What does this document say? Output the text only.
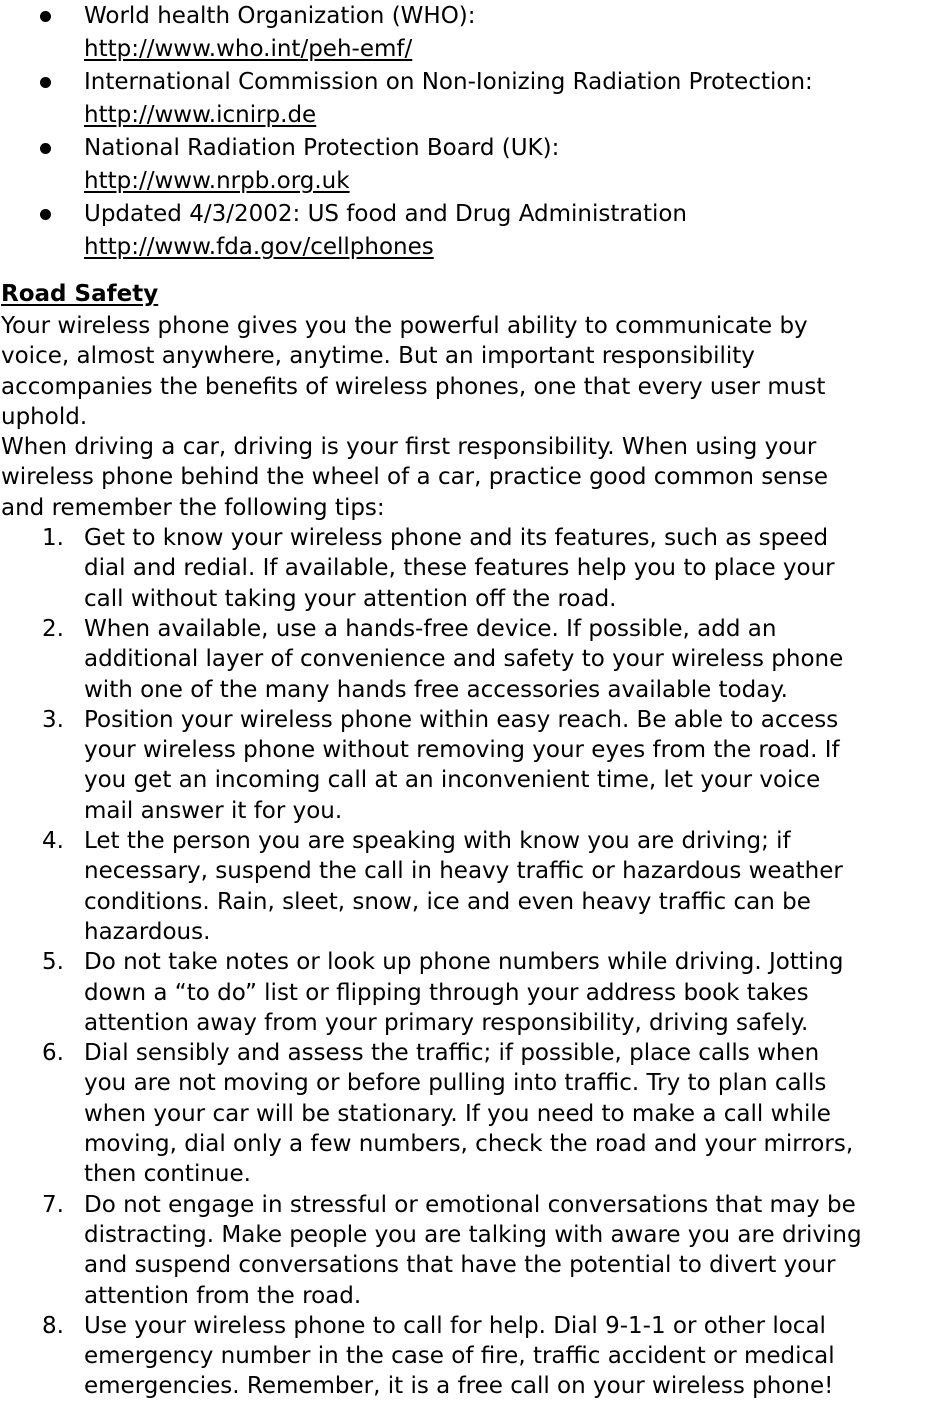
World health Organization (WHO):
http://www.who.int/peh-emf/
International Commission on Non-Ionizing Radiation Protection:
http://www.icnirp.de
National Radiation Protection Board (UK):
http://www.nrpb.org.uk
Updated 4/3/2002: US food and Drug Administration
http://www.fda.gov/cellphones
Road Safety

Your wireless phone gives you the powerful ability to communicate by
voice, almost anywhere, anytime. But an important responsibility
accompanies the benefits of wireless phones, one that every user must
uphold.

When driving a car, driving is your first responsibility. When using your
wireless phone behind the wheel of a car, practice good common sense
and remember the following tips:

1. Get to know your wireless phone and its features, such as speed
dial and redial. If available, these features help you to place your
call without taking your attention off the road.
2. When available, use a hands-free device. If possible, add an
additional layer of convenience and safety to your wireless phone
with one of the many hands free accessories available today.
3. Position your wireless phone within easy reach. Be able to access
your wireless phone without removing your eyes from the road. If
you get an incoming call at an inconvenient time, let your voice
mail answer it for you.
4. Let the person you are speaking with know you are driving; if
necessary, suspend the call in heavy traffic or hazardous weather
conditions. Rain, sleet, snow, ice and even heavy traffic can be
hazardous.
5. Do not take notes or look up phone numbers while driving. Jotting
down a “to do” list or flipping through your address book takes
attention away from your primary responsibility, driving safely.
6. Dial sensibly and assess the traffic; if possible, place calls when
you are not moving or before pulling into traffic. Try to plan calls
when your car will be stationary. If you need to make a call while
moving, dial only a few numbers, check the road and your mirrors,
then continue.
7. Do not engage in stressful or emotional conversations that may be
distracting. Make people you are talking with aware you are driving
and suspend conversations that have the potential to divert your
attention from the road.
8. Use your wireless phone to call for help. Dial 9-1-1 or other local
emergency number in the case of fire, traffic accident or medical
emergencies. Remember, it is a free call on your wireless phone!
